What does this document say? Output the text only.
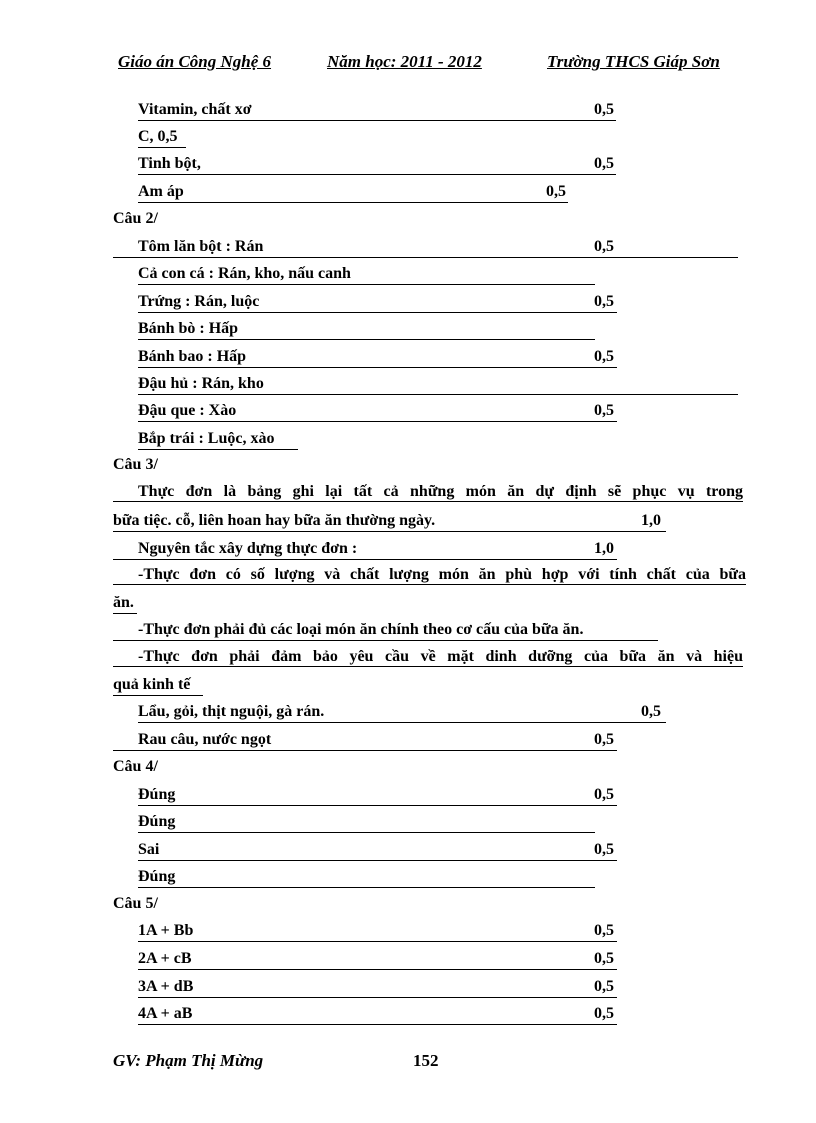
Giáo án Công Nghệ 6	Năm học: 2011 - 2012	Trường THCS Giáp Sơn
Vitamin, chất xơ	0,5
C, 0,5
Tinh bột,	0,5
Am áp	0,5
Câu 2/
Tôm lăn bột : Rán	0,5
Cả con cá : Rán, kho, nấu canh
Trứng : Rán, luộc	0,5
Bánh bò : Hấp
Bánh bao : Hấp	0,5
Đậu hủ : Rán, kho
Đậu que : Xào	0,5
Bắp trái : Luộc, xào
Câu 3/
Thực đơn là bảng ghi lại tất cả những món ăn dự định sẽ phục vụ trong
bữa tiệc. cỗ, liên hoan hay bữa ăn thường ngày.	1,0
Nguyên tắc xây dựng thực đơn :	1,0
-Thực đơn có số lượng và chất lượng món ăn phù hợp với tính chất của bữa
ăn.
-Thực đơn phải đủ các loại món ăn chính theo cơ cấu của bữa ăn.
-Thực đơn phải đảm bảo yêu cầu về mặt dinh dưỡng của bữa ăn và hiệu
quả kinh tế
Lẩu, gỏi, thịt nguội, gà rán.	0,5
Rau câu, nước ngọt	0,5
Câu 4/
Đúng	0,5
Đúng
Sai	0,5
Đúng
Câu 5/
1A + Bb	0,5
2A + cB	0,5
3A + dB	0,5
4A + aB	0,5
GV: Phạm Thị Mừng	152
